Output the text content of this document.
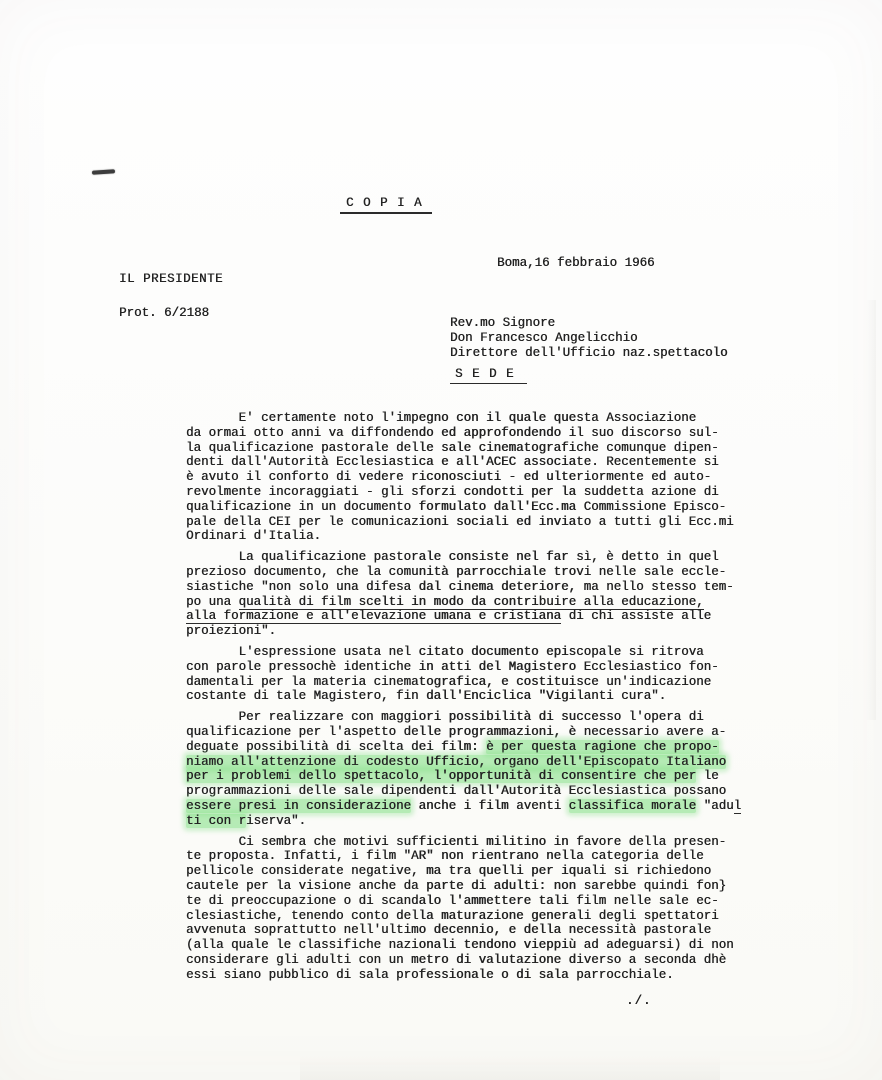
C O P I A
Boma,16 febbraio 1966
IL PRESIDENTE
Prot. 6/2188
Rev.mo Signore
Don Francesco Angelicchio
Direttore dell'Ufficio naz.spettacolo
S E D E
E' certamente noto l'impegno con il quale questa Associazione
da ormai otto anni va diffondendo ed approfondendo il suo discorso sul-
la qualificazione pastorale delle sale cinematografiche comunque dipen-
denti dall'Autorità Ecclesiastica e all'ACEC associate. Recentemente si
è avuto il conforto di vedere riconosciuti - ed ulteriormente ed auto-
revolmente incoraggiati - gli sforzi condotti per la suddetta azione di
qualificazione in un documento formulato dall'Ecc.ma Commissione Episco-
pale della CEI per le comunicazioni sociali ed inviato a tutti gli Ecc.mi
Ordinari d'Italia.
La qualificazione pastorale consiste nel far sì, è detto in quel
prezioso documento, che la comunità parrocchiale trovi nelle sale eccle-
siastiche "non solo una difesa dal cinema deteriore, ma nello stesso tem-
po una qualità di film scelti in modo da contribuire alla educazione,
alla formazione e all'elevazione umana e cristiana di chi assiste alle
proiezioni".
L'espressione usata nel citato documento episcopale si ritrova
con parole pressochè identiche in atti del Magistero Ecclesiastico fon-
damentali per la materia cinematografica, e costituisce un'indicazione
costante di tale Magistero, fin dall'Enciclica "Vigilanti cura".
Per realizzare con maggiori possibilità di successo l'opera di
qualificazione per l'aspetto delle programmazioni, è necessario avere a-
deguate possibilità di scelta dei film: è per questa ragione che propo-
niamo all'attenzione di codesto Ufficio, organo dell'Episcopato Italiano
per i problemi dello spettacolo, l'opportunità di consentire che per le
programmazioni delle sale dipendenti dall'Autorità Ecclesiastica possano
essere presi in considerazione anche i film aventi classifica morale "adul
ti con riserva".
Ci sembra che motivi sufficienti militino in favore della presen-
te proposta. Infatti, i film "AR" non rientrano nella categoria delle
pellicole considerate negative, ma tra quelli per iquali si richiedono
cautele per la visione anche da parte di adulti: non sarebbe quindi fon}
te di preoccupazione o di scandalo l'ammettere tali film nelle sale ec-
clesiastiche, tenendo conto della maturazione generali degli spettatori
avvenuta soprattutto nell'ultimo decennio, e della necessità pastorale
(alla quale le classifiche nazionali tendono vieppiù ad adeguarsi) di non
considerare gli adulti con un metro di valutazione diverso a seconda dhè
essi siano pubblico di sala professionale o di sala parrocchiale.
./.
